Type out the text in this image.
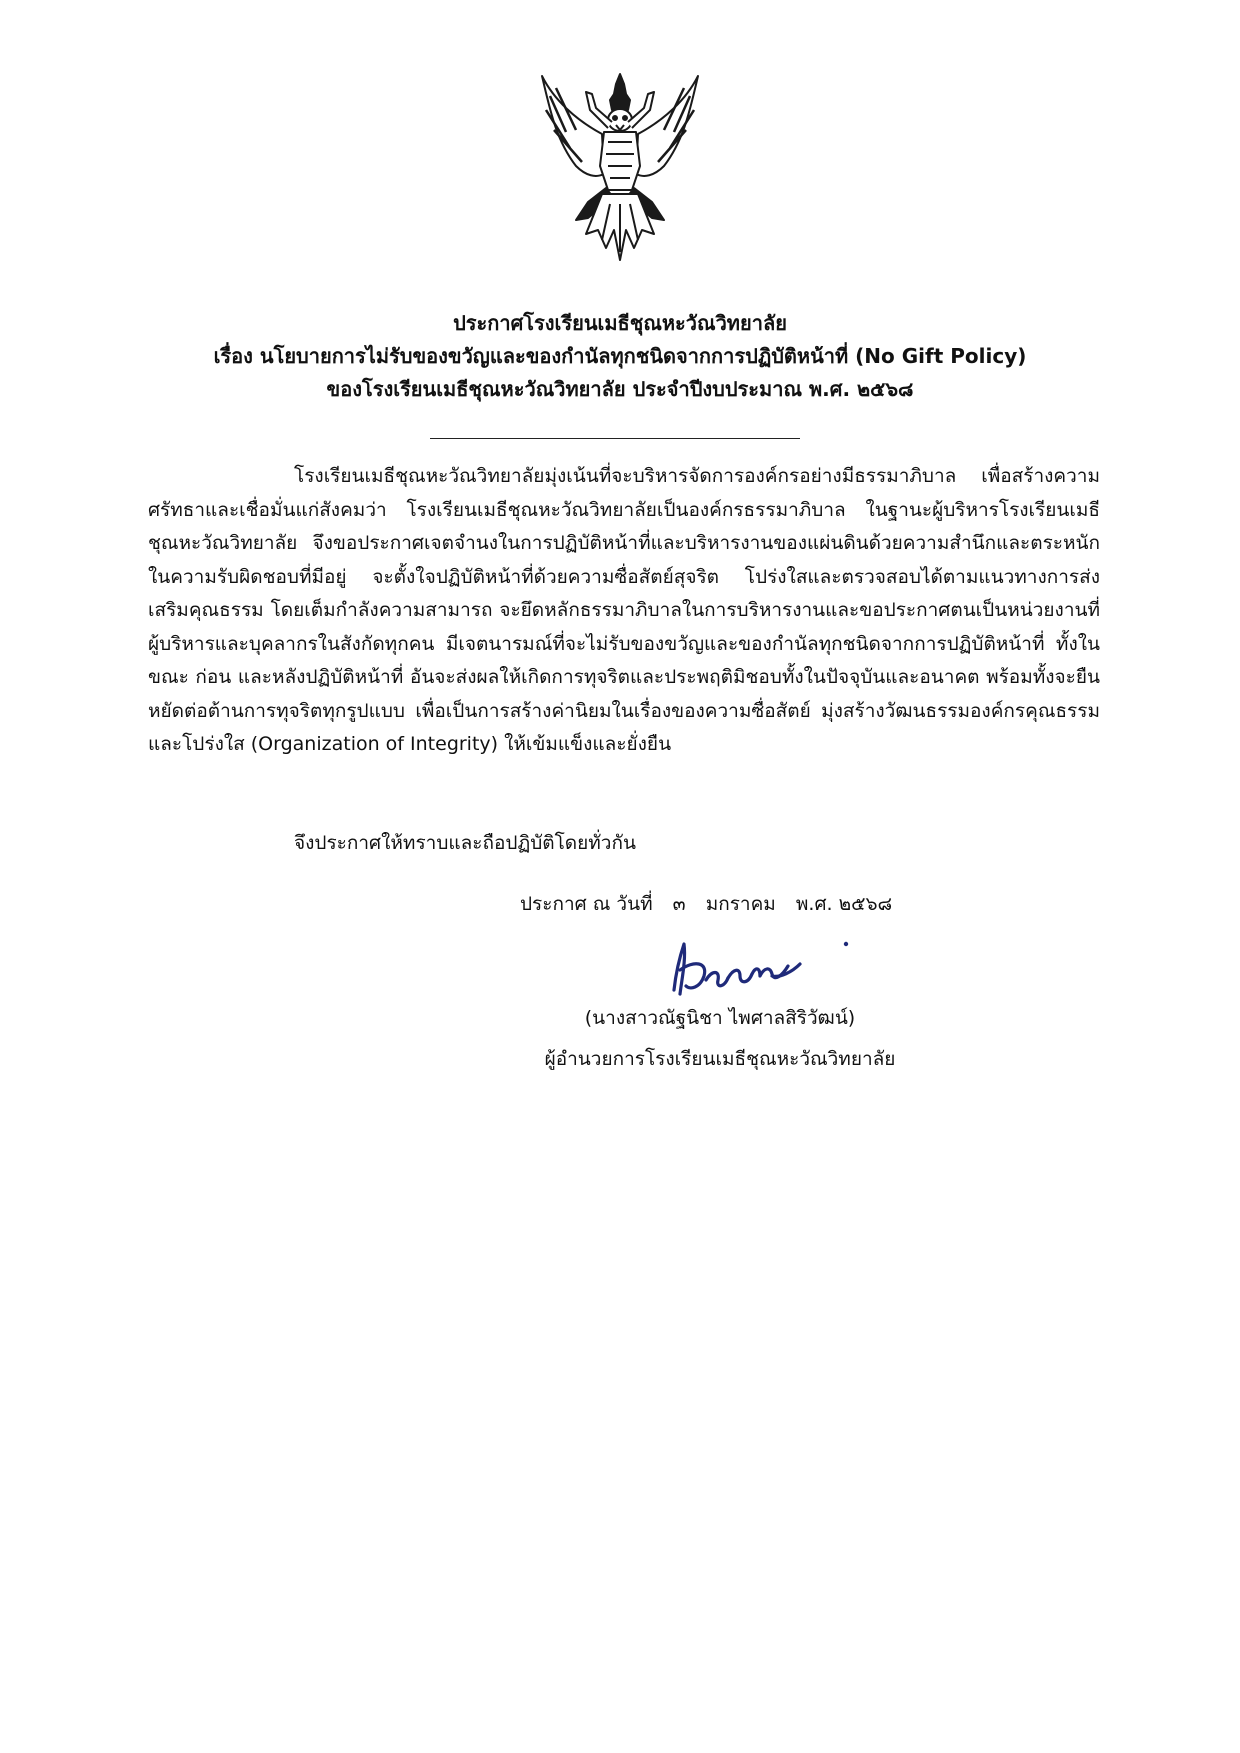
ประกาศโรงเรียนเมธีชุณหะวัณวิทยาลัย
เรื่อง นโยบายการไม่รับของขวัญและของกำนัลทุกชนิดจากการปฏิบัติหน้าที่ (No Gift Policy)
ของโรงเรียนเมธีชุณหะวัณวิทยาลัย ประจำปีงบประมาณ พ.ศ. ๒๕๖๘

โรงเรียนเมธีชุณหะวัณวิทยาลัยมุ่งเน้นที่จะบริหารจัดการองค์กรอย่างมีธรรมาภิบาล เพื่อสร้างความศรัทธาและเชื่อมั่นแก่สังคมว่า โรงเรียนเมธีชุณหะวัณวิทยาลัยเป็นองค์กรธรรมาภิบาล ในฐานะผู้บริหารโรงเรียนเมธีชุณหะวัณวิทยาลัย จึงขอประกาศเจตจำนงในการปฏิบัติหน้าที่และบริหารงานของแผ่นดินด้วยความสำนึกและตระหนักในความรับผิดชอบที่มีอยู่ จะตั้งใจปฏิบัติหน้าที่ด้วยความซื่อสัตย์สุจริต โปร่งใสและตรวจสอบได้ตามแนวทางการส่งเสริมคุณธรรม โดยเต็มกำลังความสามารถ จะยึดหลักธรรมาภิบาลในการบริหารงานและขอประกาศตนเป็นหน่วยงานที่ผู้บริหารและบุคลากรในสังกัดทุกคน มีเจตนารมณ์ที่จะไม่รับของขวัญและของกำนัลทุกชนิดจากการปฏิบัติหน้าที่ ทั้งในขณะ ก่อน และหลังปฏิบัติหน้าที่ อันจะส่งผลให้เกิดการทุจริตและประพฤติมิชอบทั้งในปัจจุบันและอนาคต พร้อมทั้งจะยืนหยัดต่อต้านการทุจริตทุกรูปแบบ เพื่อเป็นการสร้างค่านิยมในเรื่องของความซื่อสัตย์ มุ่งสร้างวัฒนธรรมองค์กรคุณธรรมและโปร่งใส (Organization of Integrity) ให้เข้มแข็งและยั่งยืน

จึงประกาศให้ทราบและถือปฏิบัติโดยทั่วกัน
ประกาศ ณ วันที่ ๓ มกราคม พ.ศ. ๒๕๖๘
(นางสาวณัฐนิชา ไพศาลสิริวัฒน์)
ผู้อำนวยการโรงเรียนเมธีชุณหะวัณวิทยาลัย
